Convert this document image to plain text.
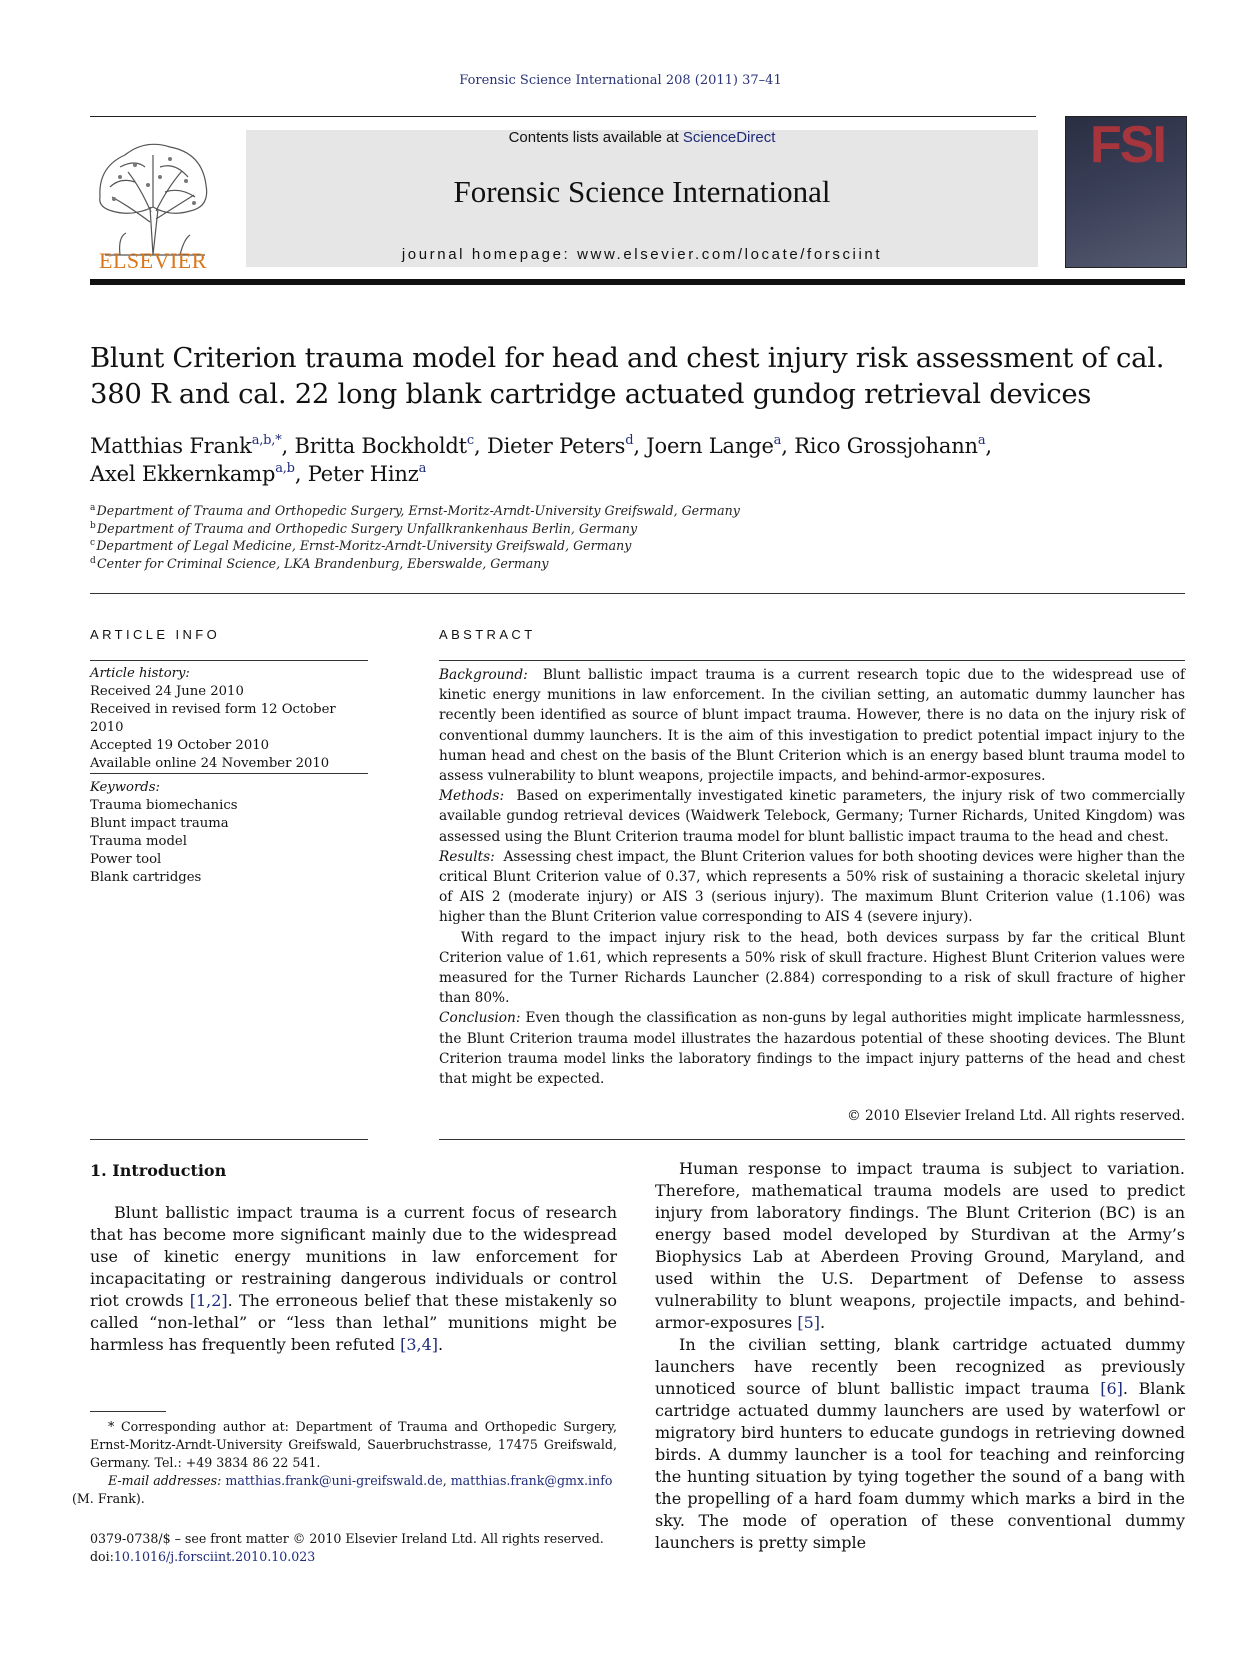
Forensic Science International 208 (2011) 37–41
ELSEVIER
Contents lists available at ScienceDirect
Forensic Science International
journal homepage: www.elsevier.com/locate/forsciint
FSI
Blunt Criterion trauma model for head and chest injury risk assessment of cal. 380 R and cal. 22 long blank cartridge actuated gundog retrieval devices
Matthias Frank$^{a,b,*}$, Britta Bockholdt$^c$, Dieter Peters$^d$, Joern Lange$^a$, Rico Grossjohann$^a$,
Axel Ekkernkamp$^{a,b}$, Peter Hinz$^a$
$^a$ Department of Trauma and Orthopedic Surgery, Ernst-Moritz-Arndt-University Greifswald, Germany
$^b$ Department of Trauma and Orthopedic Surgery Unfallkrankenhaus Berlin, Germany
$^c$ Department of Legal Medicine, Ernst-Moritz-Arndt-University Greifswald, Germany
$^d$ Center for Criminal Science, LKA Brandenburg, Eberswalde, Germany
ARTICLE INFO	ABSTRACT
Article history:
Received 24 June 2010
Received in revised form 12 October 2010
Accepted 19 October 2010
Available online 24 November 2010
Keywords:
Trauma biomechanics
Blunt impact trauma
Trauma model
Power tool
Blank cartridges

Background: Blunt ballistic impact trauma is a current research topic due to the widespread use of kinetic energy munitions in law enforcement. In the civilian setting, an automatic dummy launcher has recently been identified as source of blunt impact trauma. However, there is no data on the injury risk of conventional dummy launchers. It is the aim of this investigation to predict potential impact injury to the human head and chest on the basis of the Blunt Criterion which is an energy based blunt trauma model to assess vulnerability to blunt weapons, projectile impacts, and behind-armor-exposures.

Methods: Based on experimentally investigated kinetic parameters, the injury risk of two commercially available gundog retrieval devices (Waidwerk Telebock, Germany; Turner Richards, United Kingdom) was assessed using the Blunt Criterion trauma model for blunt ballistic impact trauma to the head and chest.

Results: Assessing chest impact, the Blunt Criterion values for both shooting devices were higher than the critical Blunt Criterion value of 0.37, which represents a 50% risk of sustaining a thoracic skeletal injury of AIS 2 (moderate injury) or AIS 3 (serious injury). The maximum Blunt Criterion value (1.106) was higher than the Blunt Criterion value corresponding to AIS 4 (severe injury).

With regard to the impact injury risk to the head, both devices surpass by far the critical Blunt Criterion value of 1.61, which represents a 50% risk of skull fracture. Highest Blunt Criterion values were measured for the Turner Richards Launcher (2.884) corresponding to a risk of skull fracture of higher than 80%.

Conclusion: Even though the classification as non-guns by legal authorities might implicate harmlessness, the Blunt Criterion trauma model illustrates the hazardous potential of these shooting devices. The Blunt Criterion trauma model links the laboratory findings to the impact injury patterns of the head and chest that might be expected.

© 2010 Elsevier Ireland Ltd. All rights reserved.
1. Introduction

Blunt ballistic impact trauma is a current focus of research that has become more significant mainly due to the widespread use of kinetic energy munitions in law enforcement for incapacitating or restraining dangerous individuals or control riot crowds [1,2]. The erroneous belief that these mistakenly so called “non-lethal” or “less than lethal” munitions might be harmless has frequently been refuted [3,4].

Human response to impact trauma is subject to variation. Therefore, mathematical trauma models are used to predict injury from laboratory findings. The Blunt Criterion (BC) is an energy based model developed by Sturdivan at the Army’s Biophysics Lab at Aberdeen Proving Ground, Maryland, and used within the U.S. Department of Defense to assess vulnerability to blunt weapons, projectile impacts, and behind-armor-exposures [5].

In the civilian setting, blank cartridge actuated dummy launchers have recently been recognized as previously unnoticed source of blunt ballistic impact trauma [6]. Blank cartridge actuated dummy launchers are used by waterfowl or migratory bird hunters to educate gundogs in retrieving downed birds. A dummy launcher is a tool for teaching and reinforcing the hunting situation by tying together the sound of a bang with the propelling of a hard foam dummy which marks a bird in the sky. The mode of operation of these conventional dummy launchers is pretty simple

* Corresponding author at: Department of Trauma and Orthopedic Surgery, Ernst-Moritz-Arndt-University Greifswald, Sauerbruchstrasse, 17475 Greifswald, Germany. Tel.: +49 3834 86 22 541.

E-mail addresses: matthias.frank@uni-greifswald.de, matthias.frank@gmx.info
(M. Frank).

0379-0738/$ – see front matter © 2010 Elsevier Ireland Ltd. All rights reserved.
doi:10.1016/j.forsciint.2010.10.023
